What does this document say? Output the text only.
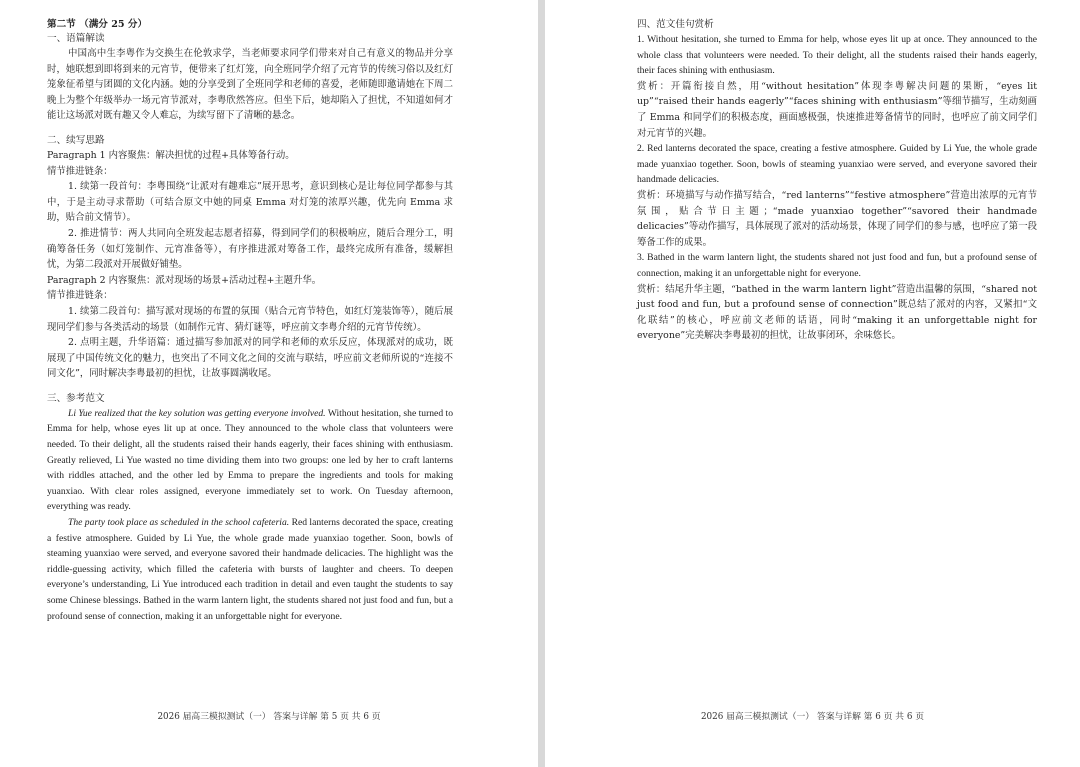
第二节 （满分 25 分）

一、语篇解读

中国高中生李粤作为交换生在伦敦求学，当老师要求同学们带来对自己有意义的物品并分享时，她联想到即将到来的元宵节，便带来了红灯笼，向全班同学介绍了元宵节的传统习俗以及红灯笼象征希望与团圆的文化内涵。她的分享受到了全班同学和老师的喜爱，老师随即邀请她在下周二晚上为整个年级举办一场元宵节派对，李粤欣然答应。但坐下后，她却陷入了担忧，不知道如何才能让这场派对既有趣又令人难忘，为续写留下了清晰的悬念。

二、续写思路

Paragraph 1 内容聚焦：解决担忧的过程+具体筹备行动。

情节推进链条：

1. 续第一段首句：李粤围绕“让派对有趣难忘”展开思考，意识到核心是让每位同学都参与其中，于是主动寻求帮助（可结合原文中她的同桌 Emma 对灯笼的浓厚兴趣，优先向 Emma 求助，贴合前文情节）。

2. 推进情节：两人共同向全班发起志愿者招募，得到同学们的积极响应，随后合理分工，明确筹备任务（如灯笼制作、元宵准备等），有序推进派对筹备工作，最终完成所有准备，缓解担忧，为第二段派对开展做好铺垫。

Paragraph 2 内容聚焦：派对现场的场景+活动过程+主题升华。

情节推进链条：

1. 续第二段首句：描写派对现场的布置的氛围（贴合元宵节特色，如红灯笼装饰等），随后展现同学们参与各类活动的场景（如制作元宵、猜灯谜等，呼应前文李粤介绍的元宵节传统）。

2. 点明主题，升华语篇：通过描写参加派对的同学和老师的欢乐反应，体现派对的成功，既展现了中国传统文化的魅力，也突出了不同文化之间的交流与联结，呼应前文老师所说的“连接不同文化”，同时解决李粤最初的担忧，让故事圆满收尾。

三、参考范文

Li Yue realized that the key solution was getting everyone involved. Without hesitation, she turned to Emma for help, whose eyes lit up at once. They announced to the whole class that volunteers were needed. To their delight, all the students raised their hands eagerly, their faces shining with enthusiasm. Greatly relieved, Li Yue wasted no time dividing them into two groups: one led by her to craft lanterns with riddles attached, and the other led by Emma to prepare the ingredients and tools for making yuanxiao. With clear roles assigned, everyone immediately set to work. On Tuesday afternoon, everything was ready.

The party took place as scheduled in the school cafeteria. Red lanterns decorated the space, creating a festive atmosphere. Guided by Li Yue, the whole grade made yuanxiao together. Soon, bowls of steaming yuanxiao were served, and everyone savored their handmade delicacies. The highlight was the riddle-guessing activity, which filled the cafeteria with bursts of laughter and cheers. To deepen everyone’s understanding, Li Yue introduced each tradition in detail and even taught the students to say some Chinese blessings. Bathed in the warm lantern light, the students shared not just food and fun, but a profound sense of connection, making it an unforgettable night for everyone.

2026 届高三模拟测试（一） 答案与详解 第 5 页 共 6 页

四、范文佳句赏析

1. Without hesitation, she turned to Emma for help, whose eyes lit up at once. They announced to the whole class that volunteers were needed. To their delight, all the students raised their hands eagerly, their faces shining with enthusiasm.

赏析：开篇衔接自然，用“without hesitation”体现李粤解决问题的果断，“eyes lit up”“raised their hands eagerly”“faces shining with enthusiasm”等细节描写，生动刻画了 Emma 和同学们的积极态度，画面感极强，快速推进筹备情节的同时，也呼应了前文同学们对元宵节的兴趣。

2. Red lanterns decorated the space, creating a festive atmosphere. Guided by Li Yue, the whole grade made yuanxiao together. Soon, bowls of steaming yuanxiao were served, and everyone savored their handmade delicacies.

赏析：环境描写与动作描写结合，“red lanterns”“festive atmosphere”营造出浓厚的元宵节氛围，贴合节日主题；“made yuanxiao together”“savored their handmade delicacies”等动作描写，具体展现了派对的活动场景，体现了同学们的参与感，也呼应了第一段筹备工作的成果。

3. Bathed in the warm lantern light, the students shared not just food and fun, but a profound sense of connection, making it an unforgettable night for everyone.

赏析：结尾升华主题，“bathed in the warm lantern light”营造出温馨的氛围，“shared not just food and fun, but a profound sense of connection”既总结了派对的内容，又紧扣“文化联结”的核心，呼应前文老师的话语，同时“making it an unforgettable night for everyone”完美解决李粤最初的担忧，让故事闭环，余味悠长。

2026 届高三模拟测试（一） 答案与详解 第 6 页 共 6 页
